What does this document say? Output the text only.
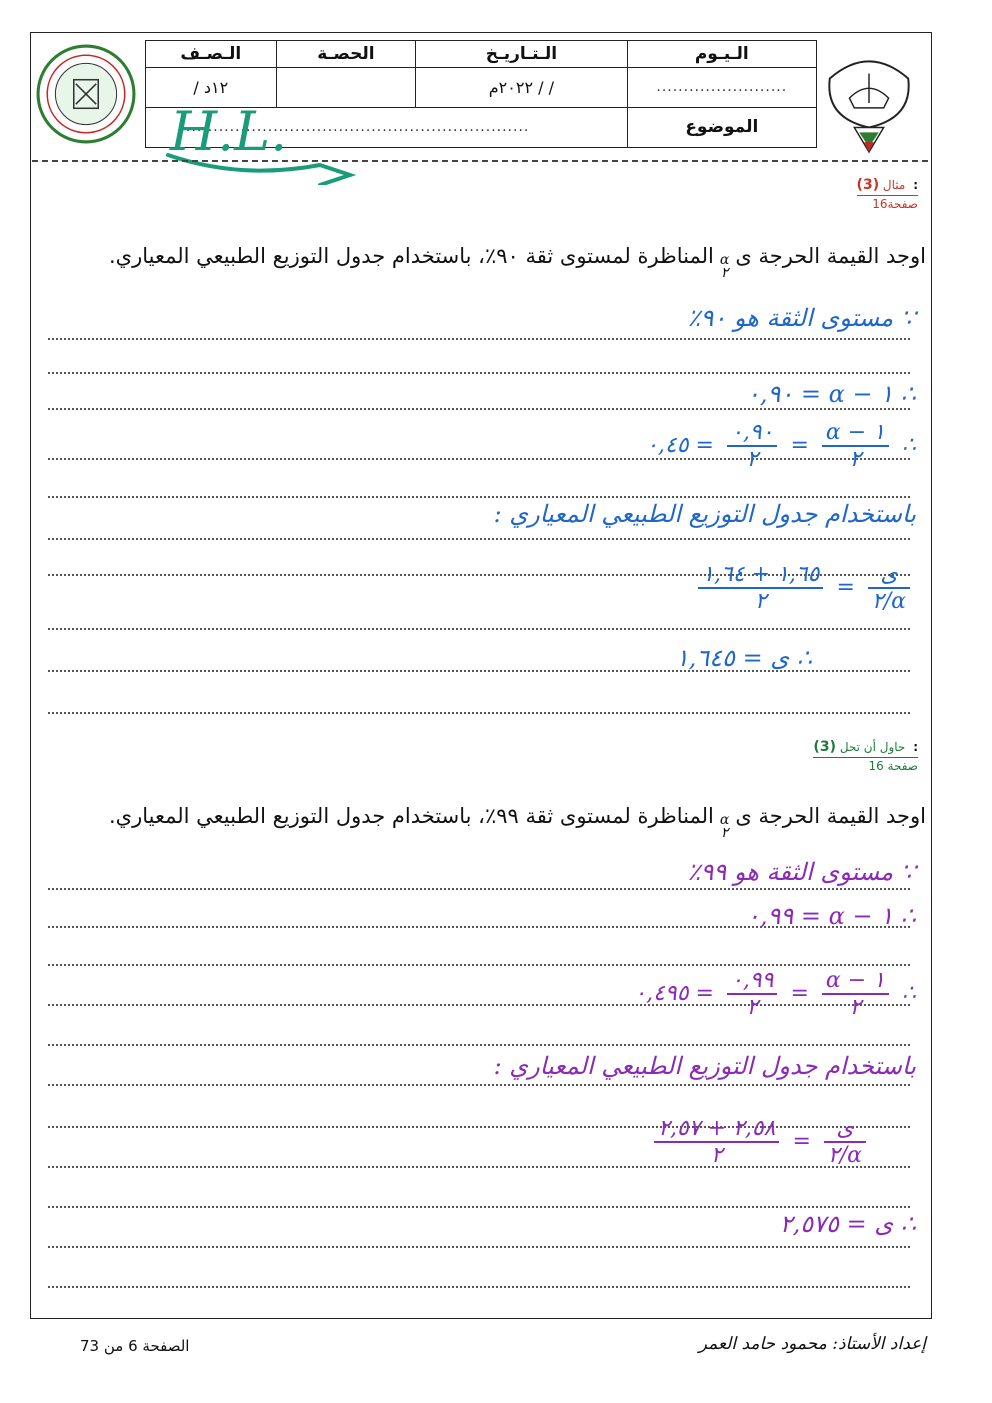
الـيـوم
الـتـاريـخ
الحصـة
الـصـف
........................
/ / ٢٠٢٢م
١٢د /
الموضوع
...............................................................
H.L.
: مثال (3)
صفحة16
اوجد القيمة الحرجة ى
α
٢
المناظرة لمستوى ثقة ٩٠٪، باستخدام جدول التوزيع الطبيعي المعياري.
∵ مستوى الثقة هو ٩٠٪
∴ ١ − α = ٠,٩٠
∴
$\frac{١ - \alpha}{٢}$
=
$\frac{٠,٩٠}{٢}$
= ٠,٤٥
باستخدام جدول التوزيع الطبيعي المعياري :
$\frac{\text{ى}}{\alpha/٢}$
=
$\frac{١,٦٥ + ١,٦٤}{٢}$
∴ ى = ١,٦٤٥
: حاول أن تحل (3)
صفحة 16
اوجد القيمة الحرجة ى
α
٢
المناظرة لمستوى ثقة ٩٩٪، باستخدام جدول التوزيع الطبيعي المعياري.
∵ مستوى الثقة هو ٩٩٪
∴ ١ − α = ٠,٩٩
∴
$\frac{١ - \alpha}{٢}$
=
$\frac{٠,٩٩}{٢}$
= ٠,٤٩٥
باستخدام جدول التوزيع الطبيعي المعياري :
$\frac{\text{ى}}{\alpha/٢}$
=
$\frac{٢,٥٨ + ٢,٥٧}{٢}$
∴ ى = ٢,٥٧٥
الصفحة 6 من 73	إعداد الأستاذ: محمود حامد العمر
